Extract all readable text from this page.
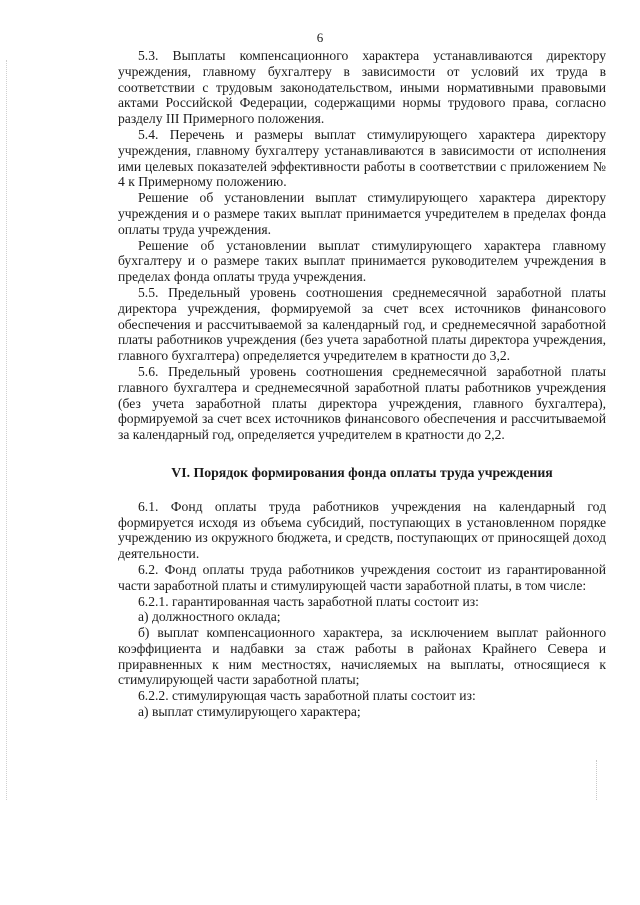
6

5.3. Выплаты компенсационного характера устанавливаются директору учреждения, главному бухгалтеру в зависимости от условий их труда в соответствии с трудовым законодательством, иными нормативными правовыми актами Российской Федерации, содержащими нормы трудового права, согласно разделу III Примерного положения.

5.4. Перечень и размеры выплат стимулирующего характера директору учреждения, главному бухгалтеру устанавливаются в зависимости от исполнения ими целевых показателей эффективности работы в соответствии с приложением № 4 к Примерному положению.

Решение об установлении выплат стимулирующего характера директору учреждения и о размере таких выплат принимается учредителем в пределах фонда оплаты труда учреждения.

Решение об установлении выплат стимулирующего характера главному бухгалтеру и о размере таких выплат принимается руководителем учреждения в пределах фонда оплаты труда учреждения.

5.5. Предельный уровень соотношения среднемесячной заработной платы директора учреждения, формируемой за счет всех источников финансового обеспечения и рассчитываемой за календарный год, и среднемесячной заработной платы работников учреждения (без учета заработной платы директора учреждения, главного бухгалтера) определяется учредителем в кратности до 3,2.

5.6. Предельный уровень соотношения среднемесячной заработной платы главного бухгалтера и среднемесячной заработной платы работников учреждения (без учета заработной платы директора учреждения, главного бухгалтера), формируемой за счет всех источников финансового обеспечения и рассчитываемой за календарный год, определяется учредителем в кратности до 2,2.

VI. Порядок формирования фонда оплаты труда учреждения

6.1. Фонд оплаты труда работников учреждения на календарный год формируется исходя из объема субсидий, поступающих в установленном порядке учреждению из окружного бюджета, и средств, поступающих от приносящей доход деятельности.

6.2. Фонд оплаты труда работников учреждения состоит из гарантированной части заработной платы и стимулирующей части заработной платы, в том числе:

6.2.1. гарантированная часть заработной платы состоит из:

а) должностного оклада;

б) выплат компенсационного характера, за исключением выплат районного коэффициента и надбавки за стаж работы в районах Крайнего Севера и приравненных к ним местностях, начисляемых на выплаты, относящиеся к стимулирующей части заработной платы;

6.2.2. стимулирующая часть заработной платы состоит из:

а) выплат стимулирующего характера;
